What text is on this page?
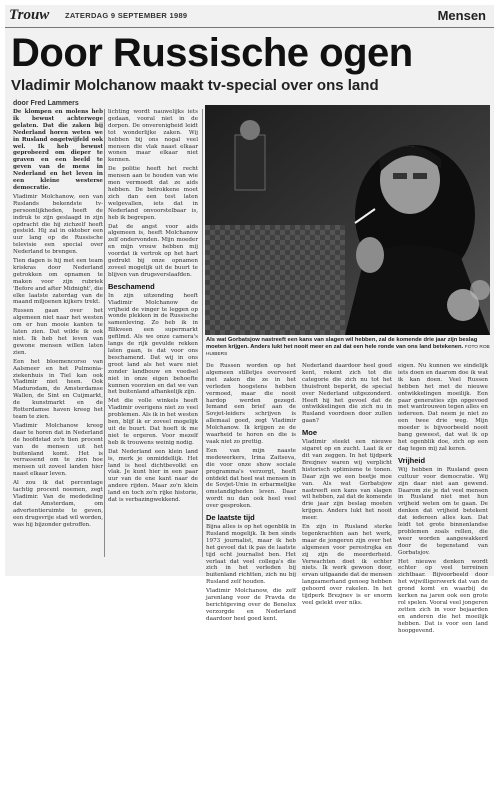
Trouw ZATERDAG 9 SEPTEMBER 1989	Mensen
Door Russische ogen
Vladimir Molchanow maakt tv-special over ons land
door Fred Lammers

De klompen en molens heb ik bewust achterwege gelaten. Dat die zaken bij Nederland horen weten we in Rusland ongetwijfeld ook wel. Ik heb bewust geprobeerd om dieper te graven en een beeld te geven van de mens in Nederland en het leven in een kleine westerse democratie.

Vladimir Molchanow, een van Ruslands bekendste tv-persoonlijkheden, heeft de indruk te zijn geslaagd in zijn opdracht die hij zichzelf heeft gesteld. Hij zal in oktober een uur lang op de Russische televisie een special over Nederland te brengen.

Tien dagen is hij met een team kriskras door Nederland getrokken om opnamen te maken voor zijn rubriek 'Before and after Midnight', die elke laatste zaterdag van de maand miljoenen kijkers trekt.

Russen gaan over het algemeen niet naar het westen om er hun mooie kanten te laten zien. Dat wilde ik ook niet. Ik heb het leven van gewone mensen willen laten zien.

Een het bloemencorso van Aalsmeer en het Pulmonia-ziekenhuis in Tiel kan ook Vladimir niet heen. Ook Madurodam, de Amsterdamse Wallen, de Sint en Cuijmarkt, de kunstmarkt en de Rotterdamse haven kreeg het team te zien.

Vladimir Molchanow kreeg daar te horen dat in Nederland de hoofdstad zo'n tien procent van de mensen uit het buitenland komt. Het is verrassend om te zien hoe mensen uit zoveel landen hier naast elkaar leven.

Al zou ik dat percentage tachtig procent noemen, zegt Vladimir. Van de mededeling dat Amsterdam, om advertentieruimte te geven, een drugsvrije stad wil worden, was hij bijzonder getroffen.

lichting wordt nauwelijks iets gedaan, vooral niet in de dorpen. De onverenigheid leidt tot wonderlijke zaken. Wij hebben bij ons nogal veel mensen die vlak naast elkaar wonen maar elkaar niet kennen.

De politie heeft het recht mensen aan te houden van wie men vermoedt dat ze aids hebben. De betrokkene moet zich dan een test laten welgevallen, iets dat in Nederland onvoorstelbaar is, heb ik begrepen.

Dat de angst voor aids algemeen is, heeft Molchanow zelf ondervonden. Mijn moeder en mijn vrouw hebben mij voordat ik vertrok op het hart gedrukt bij onze opnamen zoveel mogelijk uit de buurt te blijven van drugsverslaafden.

Beschamend

In zijn uitzending heeft Vladimir Molchanow de vrijheid de vinger te leggen op wonde plekken in de Russische samenleving. Zo heb ik in Blikveen een supermarkt gefilmd. Als we onze camera's langs de rijk gevulde rekken laten gaan, is dat voor ons beschamend. Dat wij in ons groot land als het ware niet zonder landbouw en voedsel niet in onze eigen behoefte kunnen voorzien en dat we van het buitenland afhankelijk zijn.

Met die volle winkels heeft Vladimir overigens niet zo veel problemen. Als ik in het westen ben, blijf ik er zoveel mogelijk uit de buurt. Dat hoeft ik me niet te ergeren. Voor mezelf heb ik trouwens weinig nodig.

Dat Nederland een klein land is, merk je onmiddellijk. Het land is heel dichtbevolkt en vlak. Je kunt hier in een paar uur van de ene kant naar de andere rijden. Maar zo'n klein land en toch zo'n rijke historie, dat is verbazingwekkend.

Als wat Gorbatsjow nastreeft een kans van slagen wil hebben, zal de komende drie jaar zijn beslag moeten krijgen. Anders lukt het nooit meer en zal dat een hele ronde van ons land betekenen. FOTO ROB HUIBERS

De Russen worden op het algemeen stilletjes overvoerd met zaken die ze in het verleden hoogstens hebben vermoed, maar die nooit hardop werden gezegd. Iemand een brief aan de Sovjet-leiders schrijven is allemaal goed, zegt Vladimir Molchanow. Ik krijgen ze de waarheid te horen en die is vaak niet zo prettig.

Een van mijn naaste medewerkers, Irina Zaitseva, die voor onze show sociale programma's verzorgt, heeft ontdekt dat heel wat mensen in de Sovjet-Unie in erbarmelijke omstandigheden leven. Daar wordt nu dan ook heel veel over gesproken.

De laatste tijd

Bijna alles is op het ogenblik in Rusland mogelijk. Ik ben sinds 1973 journalist, maar ik heb het gevoel dat ik pas de laatste tijd echt journalist ben. Het verlaat dat veel collega's die zich in het verleden bij buitenland richtten, zich nu bij Rusland zelf houden.

Vladimir Molchanow, die zelf jarenlang voor de Pravda de berichtgeving over de Benelux verzorgde en Nederland daardoor heel goed kent.

Nederland daardoor heel goed kent, rekent zich tot die categorie die zich nu tot het thuisfront beperkt, de special over Nederland uitgezonderd. Heeft hij het gevoel dat de ontwikkelingen die zich nu in Rusland voordoen door zullen gaan?

Moe

Vladimir steekt een nieuwe sigaret op en zucht. Laat ik er dit van zeggen. In het tijdperk Brezjnev waren wij verplicht historisch optimisme te tonen. Daar zijn we een beetje moe van. Als wat Gorbatsjow nastreeft een kans van slagen wil hebben, zal dat de komende drie jaar zijn beslag moeten krijgen. Anders lukt het nooit meer.

En zijn in Rusland sterke tegenkrachten aan het werk, maar de jongeren zijn over het algemeen voor perestrojka en zij zijn de meerderheid. Verwachten doet ik echter niets. Ik werk gewoon door, ervan uitgaande dat de mensen langzamerhand genoeg hebben gehoord over rakelen. In het tijdperk Brezjnev is er enorm veel gelekt over niks.

eigen. Nu kunnen we eindelijk iets doen en daarom doe ik wat ik kan doen. Veel Russen hebben het met de nieuwe ontwikkelingen moeilijk. Een paar generaties zijn opgevoed met wantrouwen tegen alles en iedereen. Dat neem je niet zo een twee drie weg. Mijn moeder is bijvoorbeeld nooit bang geweest, dat wat ik op het ogenblik doe, zich op een dag tegen mij zal keren.

Vrijheid

Wij hebben in Rusland geen cultuur voor democratie. Wij zijn daar niet aan gewend. Daarom zie je dat veel mensen in Rusland niet met hun vrijheid weten om te gaan. De denken dat vrijheid betekent dat iedereen alles kan. Dat leidt tot grote binnenlandse problemen zoals rellen, die weer worden aangewakkerd door de tegenstand van Gorbatsjov.

Het nieuwe denken wordt echter op veel terreinen zichtbaar. Bijvoorbeeld door het wijwilligerswerk dat van de grond komt en waarbij de kerken na jaren ook een grote rol spelen. Vooral veel jongeren zetten zich in voor bejaarden en anderen die het moeilijk hebben. Dat is voor een land hoopgevend.
